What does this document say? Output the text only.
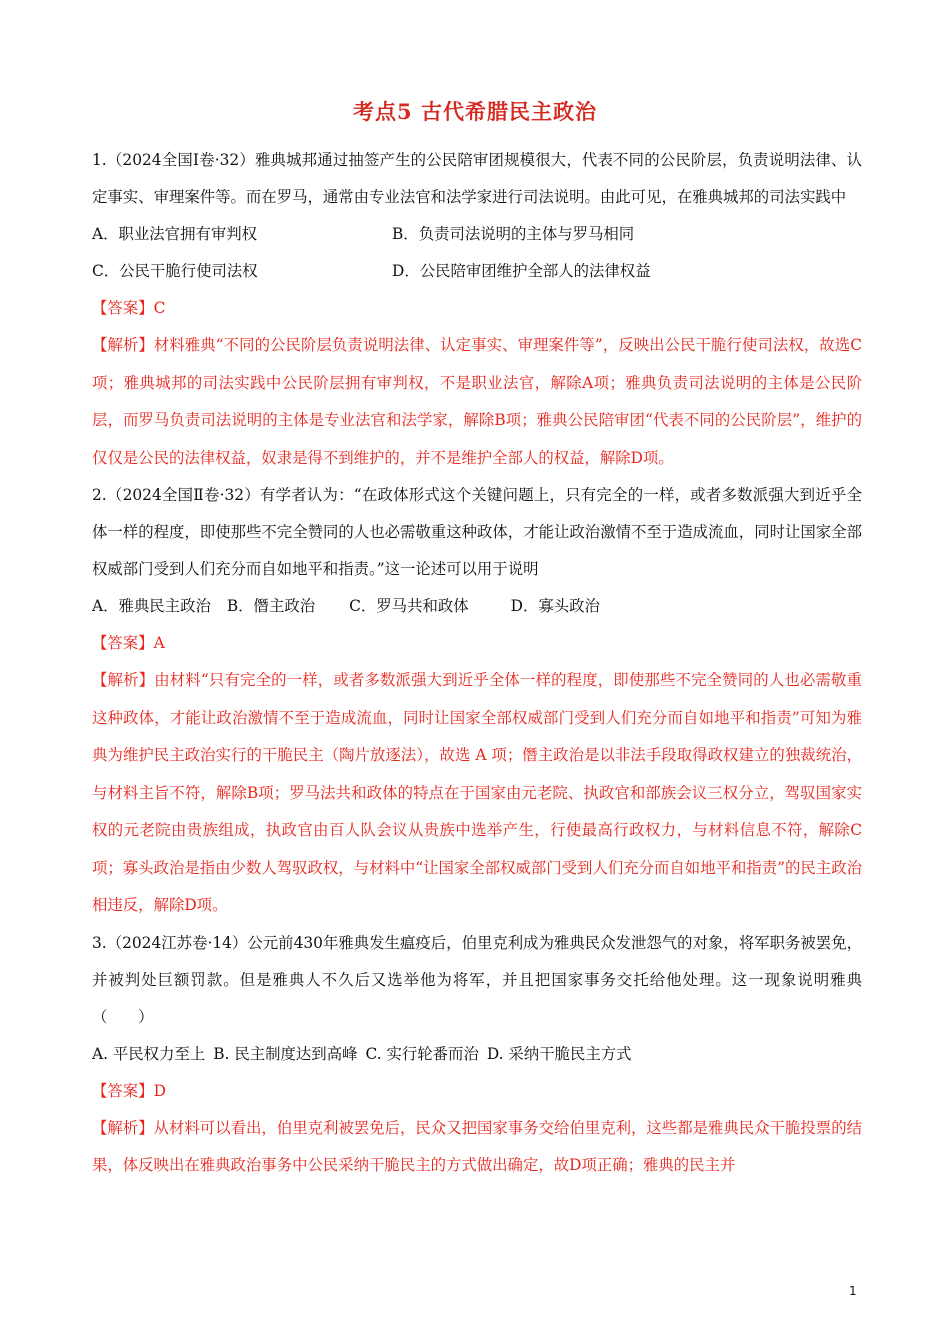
考点5 古代希腊民主政治

1.（2024全国Ⅰ卷·32）雅典城邦通过抽签产生的公民陪审团规模很大，代表不同的公民阶层，负责说明法律、认定事实、审理案件等。而在罗马，通常由专业法官和法学家进行司法说明。由此可见，在雅典城邦的司法实践中

A．职业法官拥有审判权	B．负责司法说明的主体与罗马相同
C．公民干脆行使司法权	D．公民陪审团维护全部人的法律权益

【答案】C

【解析】材料雅典“不同的公民阶层负责说明法律、认定事实、审理案件等”，反映出公民干脆行使司法权，故选C项；雅典城邦的司法实践中公民阶层拥有审判权，不是职业法官，解除A项；雅典负责司法说明的主体是公民阶层，而罗马负责司法说明的主体是专业法官和法学家，解除B项；雅典公民陪审团“代表不同的公民阶层”，维护的仅仅是公民的法律权益，奴隶是得不到维护的，并不是维护全部人的权益，解除D项。

2.（2024全国Ⅱ卷·32）有学者认为：“在政体形式这个关键问题上，只有完全的一样，或者多数派强大到近乎全体一样的程度，即使那些不完全赞同的人也必需敬重这种政体，才能让政治激情不至于造成流血，同时让国家全部权威部门受到人们充分而自如地平和指责。”这一论述可以用于说明

A．雅典民主政治 B．僭主政治 C．罗马共和政体	D．寡头政治

【答案】A

【解析】由材料“只有完全的一样，或者多数派强大到近乎全体一样的程度，即使那些不完全赞同的人也必需敬重这种政体，才能让政治激情不至于造成流血，同时让国家全部权威部门受到人们充分而自如地平和指责”可知为雅典为维护民主政治实行的干脆民主（陶片放逐法），故选 A 项；僭主政治是以非法手段取得政权建立的独裁统治，与材料主旨不符，解除B项；罗马法共和政体的特点在于国家由元老院、执政官和部族会议三权分立，驾驭国家实权的元老院由贵族组成，执政官由百人队会议从贵族中选举产生，行使最高行政权力，与材料信息不符，解除C项；寡头政治是指由少数人驾驭政权，与材料中“让国家全部权威部门受到人们充分而自如地平和指责”的民主政治相违反，解除D项。

3.（2024江苏卷·14）公元前430年雅典发生瘟疫后，伯里克利成为雅典民众发泄怨气的对象，将军职务被罢免，并被判处巨额罚款。但是雅典人不久后又选举他为将军，并且把国家事务交托给他处理。这一现象说明雅典（　　）

A. 平民权力至上 B. 民主制度达到高峰 C. 实行轮番而治 D. 采纳干脆民主方式

【答案】D

【解析】从材料可以看出，伯里克利被罢免后，民众又把国家事务交给伯里克利，这些都是雅典民众干脆投票的结果，体反映出在雅典政治事务中公民采纳干脆民主的方式做出确定，故D项正确；雅典的民主并

1
